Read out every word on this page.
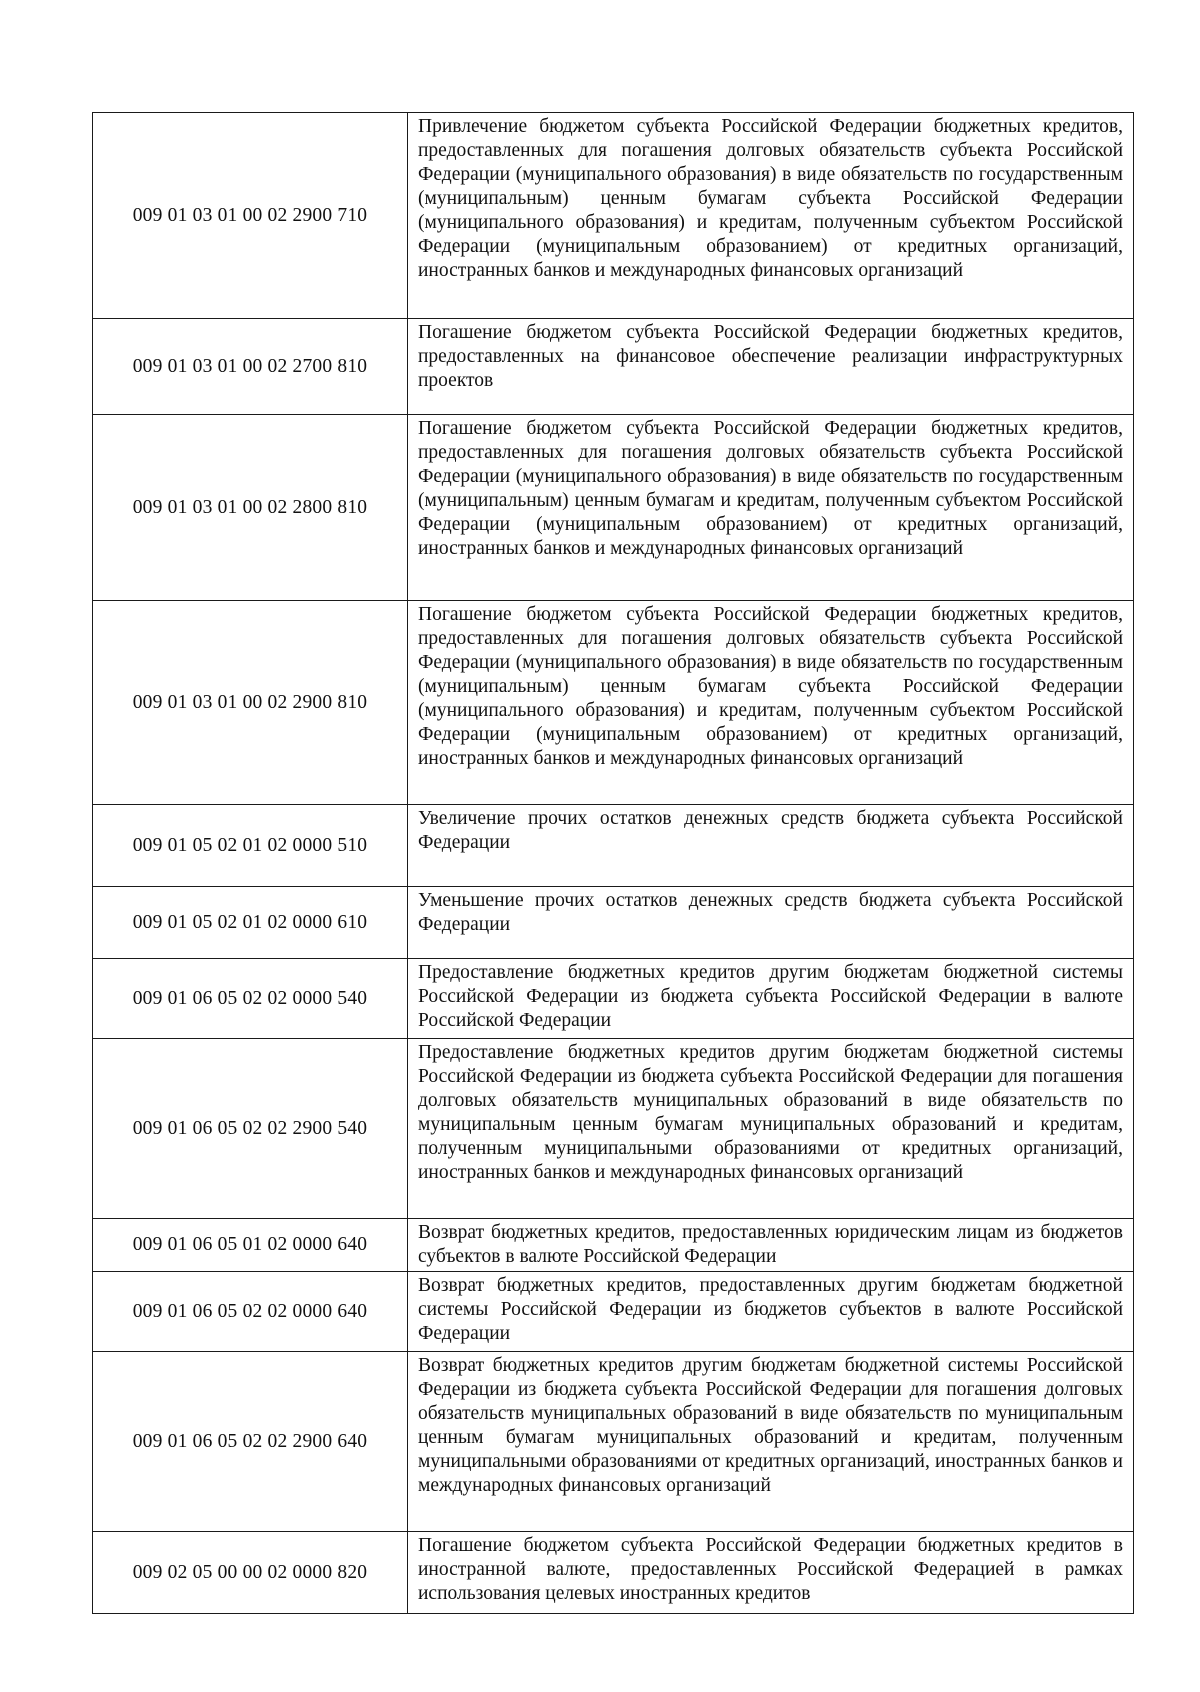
009 01 03 01 00 02 2900 710	Привлечение бюджетом субъекта Российской Федерации бюджетных кредитов, предоставленных для погашения долговых обязательств субъекта Российской Федерации (муниципального образования) в виде обязательств по государственным (муниципальным) ценным бумагам субъекта Российской Федерации (муниципального образования) и кредитам, полученным субъектом Российской Федерации (муниципальным образованием) от кредитных организаций, иностранных банков и международных финансовых организаций
009 01 03 01 00 02 2700 810	Погашение бюджетом субъекта Российской Федерации бюджетных кредитов, предоставленных на финансовое обеспечение реализации инфраструктурных проектов
009 01 03 01 00 02 2800 810	Погашение бюджетом субъекта Российской Федерации бюджетных кредитов, предоставленных для погашения долговых обязательств субъекта Российской Федерации (муниципального образования) в виде обязательств по государственным (муниципальным) ценным бумагам и кредитам, полученным субъектом Российской Федерации (муниципальным образованием) от кредитных организаций, иностранных банков и международных финансовых организаций
009 01 03 01 00 02 2900 810	Погашение бюджетом субъекта Российской Федерации бюджетных кредитов, предоставленных для погашения долговых обязательств субъекта Российской Федерации (муниципального образования) в виде обязательств по государственным (муниципальным) ценным бумагам субъекта Российской Федерации (муниципального образования) и кредитам, полученным субъектом Российской Федерации (муниципальным образованием) от кредитных организаций, иностранных банков и международных финансовых организаций
009 01 05 02 01 02 0000 510	Увеличение прочих остатков денежных средств бюджета субъекта Российской Федерации
009 01 05 02 01 02 0000 610	Уменьшение прочих остатков денежных средств бюджета субъекта Российской Федерации
009 01 06 05 02 02 0000 540	Предоставление бюджетных кредитов другим бюджетам бюджетной системы Российской Федерации из бюджета субъекта Российской Федерации в валюте Российской Федерации
009 01 06 05 02 02 2900 540	Предоставление бюджетных кредитов другим бюджетам бюджетной системы Российской Федерации из бюджета субъекта Российской Федерации для погашения долговых обязательств муниципальных образований в виде обязательств по муниципальным ценным бумагам муниципальных образований и кредитам, полученным муниципальными образованиями от кредитных организаций, иностранных банков и международных финансовых организаций
009 01 06 05 01 02 0000 640	Возврат бюджетных кредитов, предоставленных юридическим лицам из бюджетов субъектов в валюте Российской Федерации
009 01 06 05 02 02 0000 640	Возврат бюджетных кредитов, предоставленных другим бюджетам бюджетной системы Российской Федерации из бюджетов субъектов в валюте Российской Федерации
009 01 06 05 02 02 2900 640	Возврат бюджетных кредитов другим бюджетам бюджетной системы Российской Федерации из бюджета субъекта Российской Федерации для погашения долговых обязательств муниципальных образований в виде обязательств по муниципальным ценным бумагам муниципальных образований и кредитам, полученным муниципальными образованиями от кредитных организаций, иностранных банков и международных финансовых организаций
009 02 05 00 00 02 0000 820	Погашение бюджетом субъекта Российской Федерации бюджетных кредитов в иностранной валюте, предоставленных Российской Федерацией в рамках использования целевых иностранных кредитов
